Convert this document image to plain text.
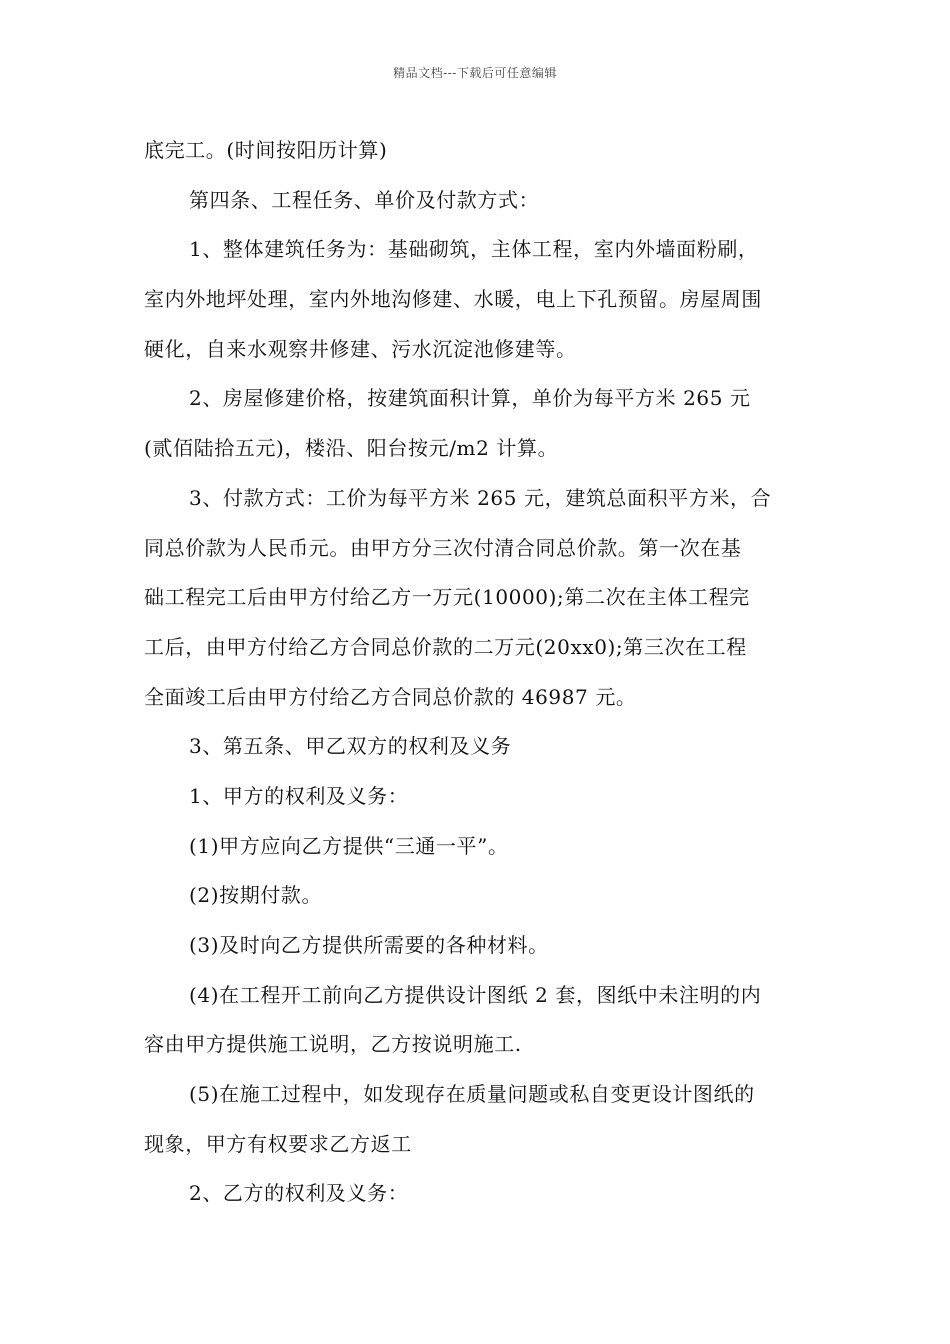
精品文档---下载后可任意编辑
底完工。(时间按阳历计算)
第四条、工程任务、单价及付款方式：
1、整体建筑任务为：基础砌筑，主体工程，室内外墙面粉刷，
室内外地坪处理，室内外地沟修建、水暖，电上下孔预留。房屋周围
硬化，自来水观察井修建、污水沉淀池修建等。
2、房屋修建价格，按建筑面积计算，单价为每平方米 265 元
(贰佰陆拾五元)，楼沿、阳台按元/m2 计算。
3、付款方式：工价为每平方米 265 元，建筑总面积平方米，合
同总价款为人民币元。由甲方分三次付清合同总价款。第一次在基
础工程完工后由甲方付给乙方一万元(10000);第二次在主体工程完
工后，由甲方付给乙方合同总价款的二万元(20xx0);第三次在工程
全面竣工后由甲方付给乙方合同总价款的 46987 元。
3、第五条、甲乙双方的权利及义务
1、甲方的权利及义务：
(1)甲方应向乙方提供“三通一平”。
(2)按期付款。
(3)及时向乙方提供所需要的各种材料。
(4)在工程开工前向乙方提供设计图纸 2 套，图纸中未注明的内
容由甲方提供施工说明，乙方按说明施工.
(5)在施工过程中，如发现存在质量问题或私自变更设计图纸的
现象，甲方有权要求乙方返工
2、乙方的权利及义务：
